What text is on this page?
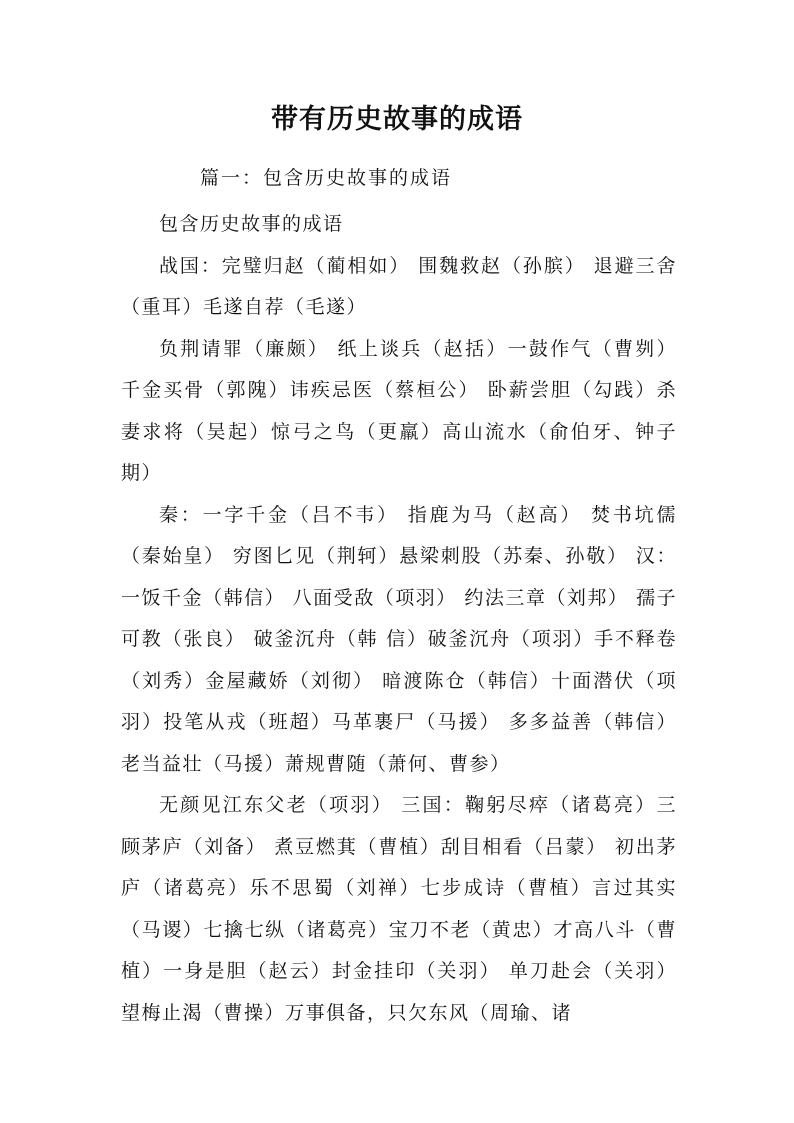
带有历史故事的成语
篇一：包含历史故事的成语

包含历史故事的成语

战国：完璧归赵（蔺相如） 围魏救赵（孙膑） 退避三舍（重耳）毛遂自荐（毛遂）

负荆请罪（廉颇） 纸上谈兵（赵括）一鼓作气（曹刿）千金买骨（郭隗）讳疾忌医（蔡桓公） 卧薪尝胆（勾践）杀妻求将（吴起）惊弓之鸟（更羸）高山流水（俞伯牙、钟子期）

秦：一字千金（吕不韦） 指鹿为马（赵高） 焚书坑儒（秦始皇） 穷图匕见（荆轲）悬梁刺股（苏秦、孙敬） 汉：一饭千金（韩信） 八面受敌（项羽） 约法三章（刘邦） 孺子可教（张良） 破釜沉舟（韩 信）破釜沉舟（项羽）手不释卷（刘秀）金屋藏娇（刘彻） 暗渡陈仓（韩信）十面潜伏（项羽）投笔从戎（班超）马革裹尸（马援） 多多益善（韩信）老当益壮（马援）萧规曹随（萧何、曹参）

无颜见江东父老（项羽） 三国：鞠躬尽瘁（诸葛亮）三顾茅庐（刘备） 煮豆燃萁（曹植）刮目相看（吕蒙） 初出茅庐（诸葛亮）乐不思蜀（刘禅）七步成诗（曹植）言过其实（马谡）七擒七纵（诸葛亮）宝刀不老（黄忠）才高八斗（曹植）一身是胆（赵云）封金挂印（关羽） 单刀赴会（关羽）望梅止渴（曹操）万事俱备，只欠东风（周瑜、诸
